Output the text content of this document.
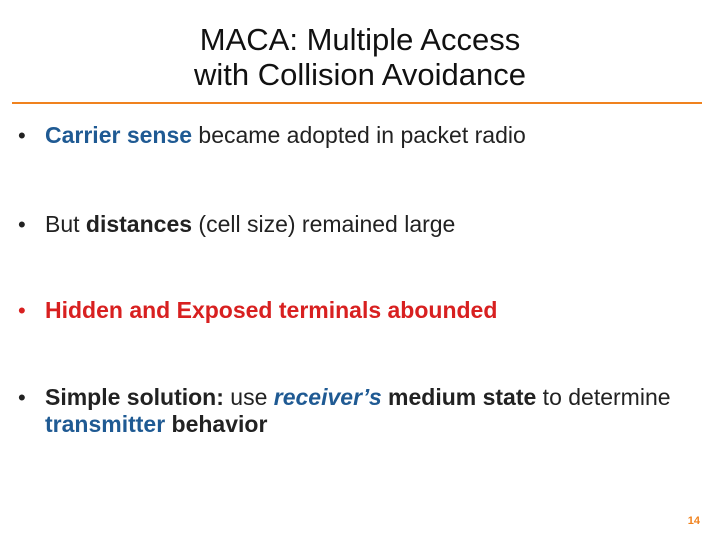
MACA: Multiple Access
with Collision Avoidance
• Carrier sense became adopted in packet radio
• But distances (cell size) remained large
• Hidden and Exposed terminals abounded
• Simple solution: use receiver’s medium state to determine transmitter behavior
14
